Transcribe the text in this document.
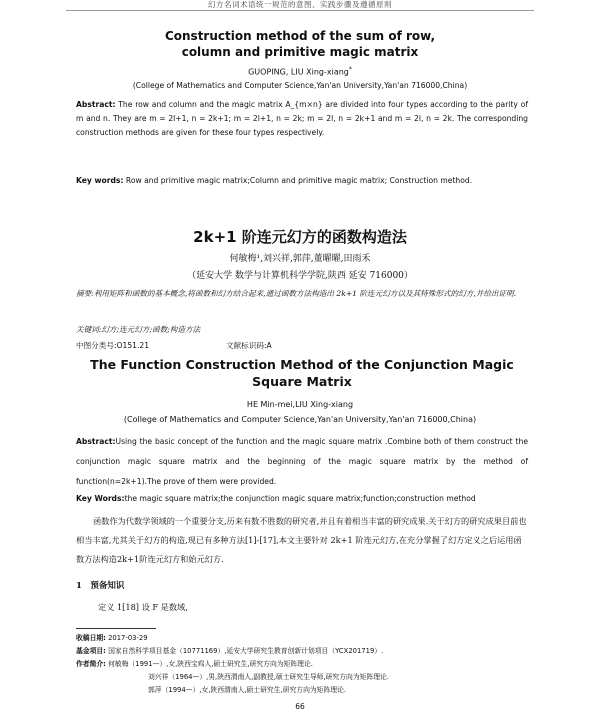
幻方名词术语统一规范的意图、实践步骤及遵循原则
Construction method of the sum of row,
column and primitive magic matrix
GUOPING, LIU Xing-xiang*
(College of Mathematics and Computer Science,Yan'an University,Yan'an 716000,China)
Abstract: The row and column and the magic matrix A_{m×n} are divided into four types according to the parity of m and n. They are m = 2l+1, n = 2k+1; m = 2l+1, n = 2k; m = 2l, n = 2k+1 and m = 2l, n = 2k. The corresponding construction methods are given for these four types respectively.
Key words: Row and primitive magic matrix;Column and primitive magic matrix; Construction method.
2k+1 阶连元幻方的函数构造法
何敏梅¹,刘兴祥,郭萍,董曜曜,田雨禾
（延安大学 数学与计算机科学学院,陕西 延安 716000）
摘要:利用矩阵和函数的基本概念,将函数和幻方结合起来,通过函数方法构造出 2k+1 阶连元幻方以及其特殊形式的幻方,并给出证明.
关键词:幻方;连元幻方;函数;构造方法
中图分类号:O151.21	文献标识码:A
The Function Construction Method of the Conjunction Magic Square Matrix
HE Min-mei,LIU Xing-xiang
(College of Mathematics and Computer Science,Yan'an University,Yan'an 716000,China)
Abstract:Using the basic concept of the function and the magic square matrix .Combine both of them construct the conjunction magic square matrix and the beginning of the magic square matrix by the method of function(n=2k+1).The prove of them were provided.
Key Words:the magic square matrix;the conjunction magic square matrix;function;construction method
函数作为代数学领域的一个重要分支,历来有数不胜数的研究者,并且有着相当丰富的研究成果.关于幻方的研究成果目前也相当丰富,尤其关于幻方的构造,现已有多种方法[1]-[17],本文主要针对 2k+1 阶连元幻方,在充分掌握了幻方定义之后运用函数方法构造2k+1阶连元幻方和始元幻方.
1　预备知识
定义 1[18] 设 F 是数域,
收稿日期: 2017-03-29
基金项目: 国家自然科学项目基金（10771169）,延安大学研究生教育创新计划项目（YCX201719）.
作者简介: 何敏梅（1991—）,女,陕西宝鸡人,硕士研究生,研究方向为矩阵理论.
刘兴祥（1964—）,男,陕西渭南人,副教授,硕士研究生导师,研究方向为矩阵理论.
郭萍（1994—）,女,陕西渭南人,硕士研究生,研究方向为矩阵理论.
66
